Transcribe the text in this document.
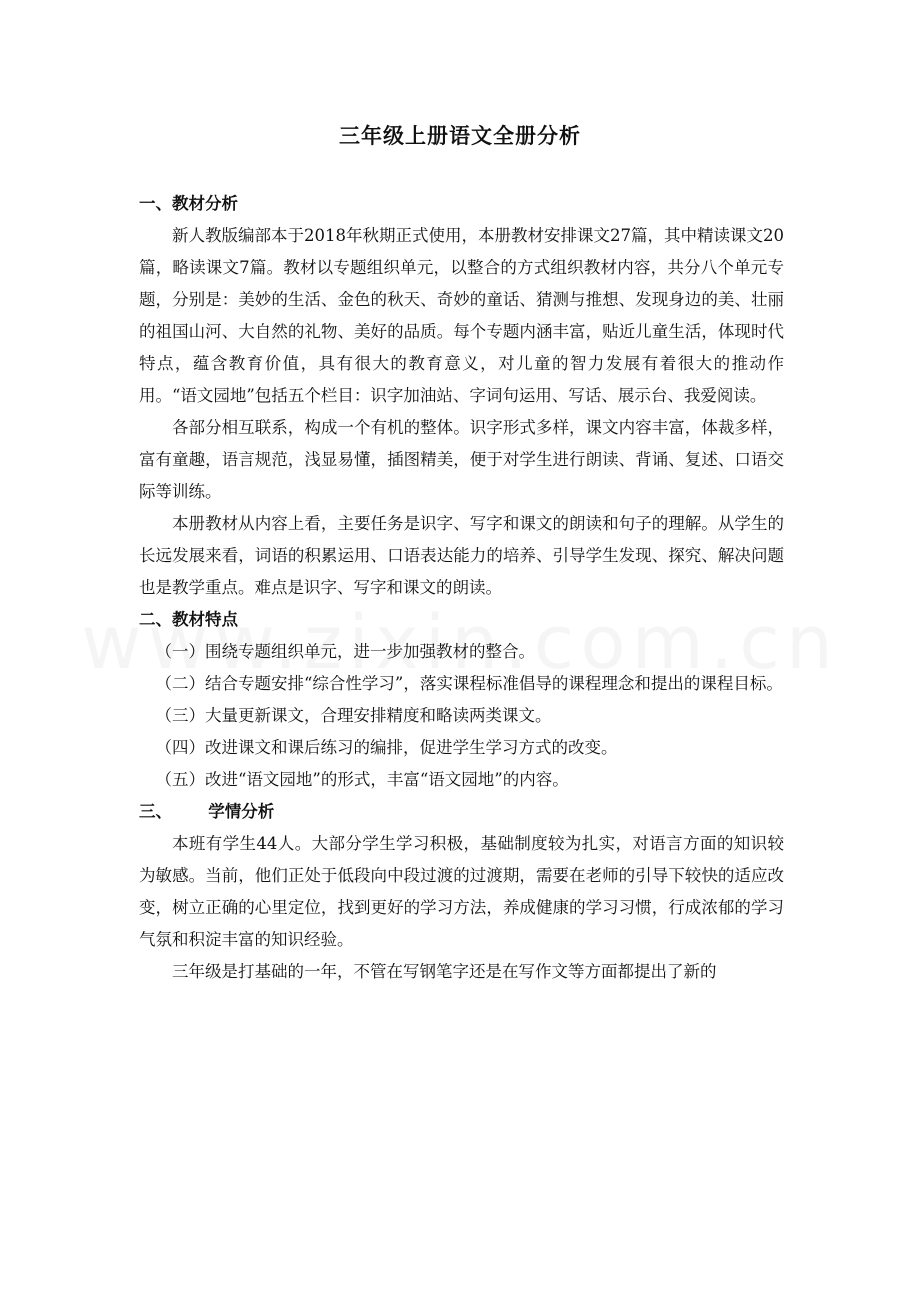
三年级上册语文全册分析

一、教材分析

新人教版编部本于2018年秋期正式使用，本册教材安排课文27篇，其中精读课文20篇，略读课文7篇。教材以专题组织单元，以整合的方式组织教材内容，共分八个单元专题，分别是：美妙的生活、金色的秋天、奇妙的童话、猜测与推想、发现身边的美、壮丽的祖国山河、大自然的礼物、美好的品质。每个专题内涵丰富，贴近儿童生活，体现时代特点，蕴含教育价值，具有很大的教育意义，对儿童的智力发展有着很大的推动作用。“语文园地”包括五个栏目：识字加油站、字词句运用、写话、展示台、我爱阅读。

各部分相互联系，构成一个有机的整体。识字形式多样，课文内容丰富，体裁多样，富有童趣，语言规范，浅显易懂，插图精美，便于对学生进行朗读、背诵、复述、口语交际等训练。

本册教材从内容上看，主要任务是识字、写字和课文的朗读和句子的理解。从学生的长远发展来看，词语的积累运用、口语表达能力的培养、引导学生发现、探究、解决问题也是教学重点。难点是识字、写字和课文的朗读。

二、教材特点

（一）围绕专题组织单元，进一步加强教材的整合。

（二）结合专题安排“综合性学习”，落实课程标准倡导的课程理念和提出的课程目标。

（三）大量更新课文，合理安排精度和略读两类课文。

（四）改进课文和课后练习的编排，促进学生学习方式的改变。

（五）改进“语文园地”的形式，丰富“语文园地”的内容。

三、 学情分析

本班有学生44人。大部分学生学习积极，基础制度较为扎实，对语言方面的知识较为敏感。当前，他们正处于低段向中段过渡的过渡期，需要在老师的引导下较快的适应改变，树立正确的心里定位，找到更好的学习方法，养成健康的学习习惯，行成浓郁的学习气氛和积淀丰富的知识经验。

三年级是打基础的一年，不管在写钢笔字还是在写作文等方面都提出了新的
